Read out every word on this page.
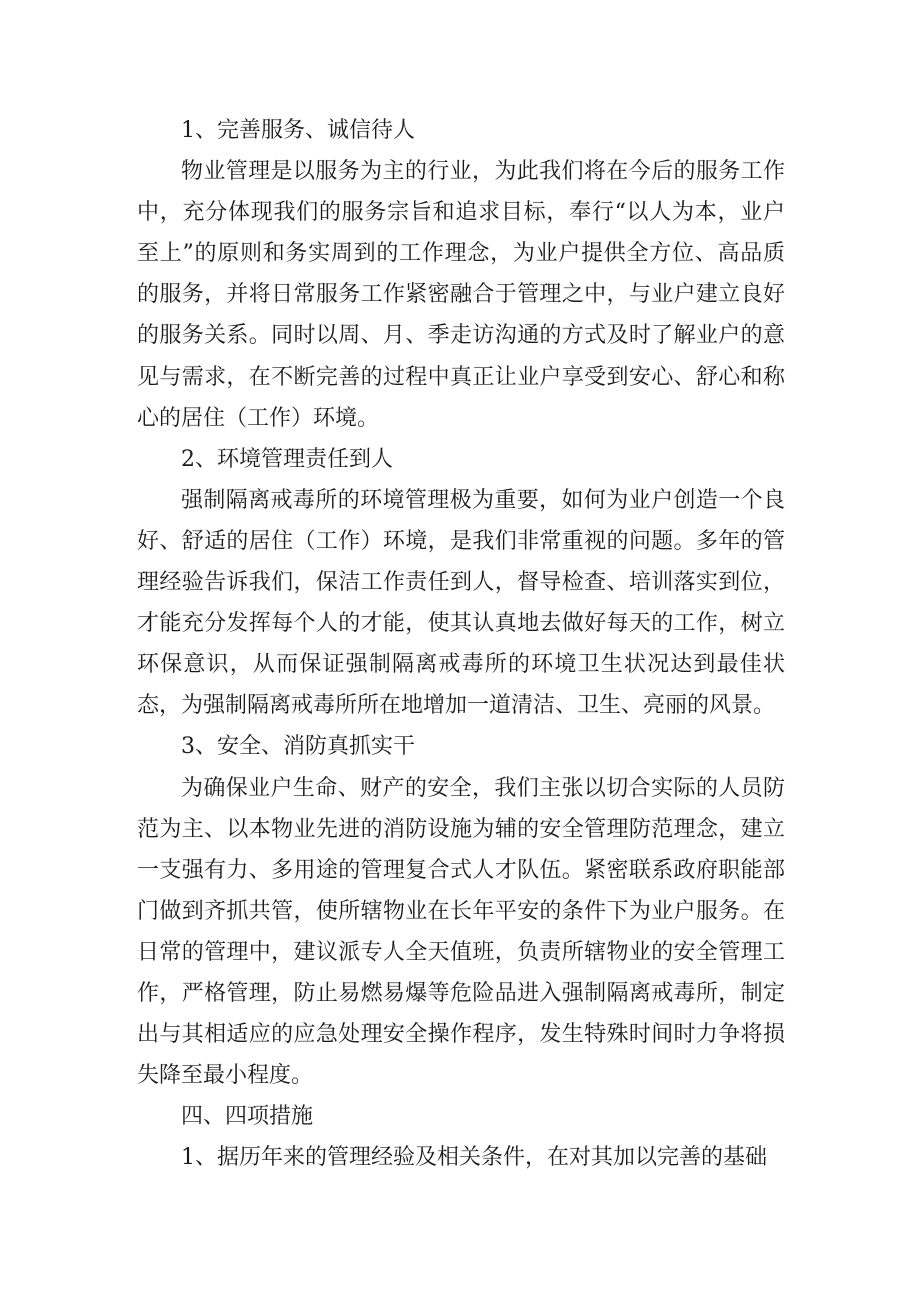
1、完善服务、诚信待人

物业管理是以服务为主的行业，为此我们将在今后的服务工作中，充分体现我们的服务宗旨和追求目标，奉行“以人为本，业户至上”的原则和务实周到的工作理念，为业户提供全方位、高品质的服务，并将日常服务工作紧密融合于管理之中，与业户建立良好的服务关系。同时以周、月、季走访沟通的方式及时了解业户的意见与需求，在不断完善的过程中真正让业户享受到安心、舒心和称心的居住（工作）环境。

2、环境管理责任到人

强制隔离戒毒所的环境管理极为重要，如何为业户创造一个良好、舒适的居住（工作）环境，是我们非常重视的问题。多年的管理经验告诉我们，保洁工作责任到人，督导检查、培训落实到位，才能充分发挥每个人的才能，使其认真地去做好每天的工作，树立环保意识，从而保证强制隔离戒毒所的环境卫生状况达到最佳状态，为强制隔离戒毒所所在地增加一道清洁、卫生、亮丽的风景。

3、安全、消防真抓实干

为确保业户生命、财产的安全，我们主张以切合实际的人员防范为主、以本物业先进的消防设施为辅的安全管理防范理念，建立一支强有力、多用途的管理复合式人才队伍。紧密联系政府职能部门做到齐抓共管，使所辖物业在长年平安的条件下为业户服务。在日常的管理中，建议派专人全天值班，负责所辖物业的安全管理工作，严格管理，防止易燃易爆等危险品进入强制隔离戒毒所，制定出与其相适应的应急处理安全操作程序，发生特殊时间时力争将损失降至最小程度。

四、四项措施

1、据历年来的管理经验及相关条件，在对其加以完善的基础
